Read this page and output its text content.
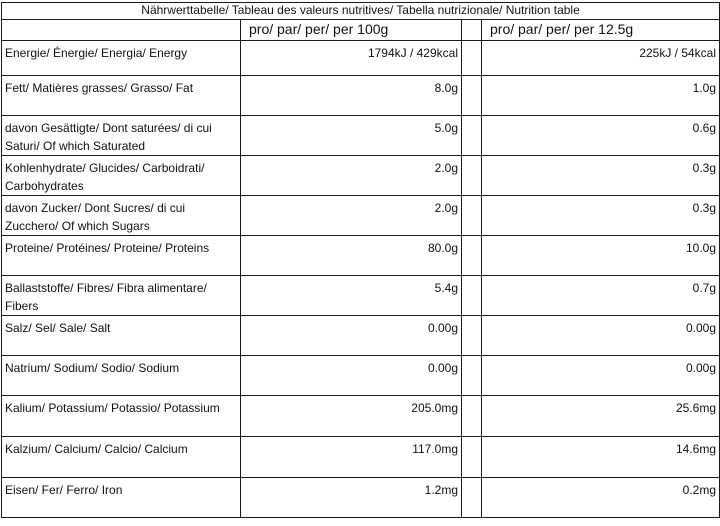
Nährwerttabelle/ Tableau des valeurs nutritives/ Tabella nutrizionale/ Nutrition table			
	pro/ par/ per/ per 100g		pro/ par/ per/ per 12.5g
Energie/ Énergie/ Energia/ Energy	1794kJ / 429kcal		225kJ / 54kcal
Fett/ Matières grasses/ Grasso/ Fat	8.0g		1.0g
davon Gesättigte/ Dont saturées/ di cui Saturi/ Of which Saturated	5.0g		0.6g
Kohlenhydrate/ Glucides/ Carboidrati/ Carbohydrates	2.0g		0.3g
davon Zucker/ Dont Sucres/ di cui Zucchero/ Of which Sugars	2.0g		0.3g
Proteine/ Protéines/ Proteine/ Proteins	80.0g		10.0g
Ballaststoffe/ Fibres/ Fibra alimentare/ Fibers	5.4g		0.7g
Salz/ Sel/ Sale/ Salt	0.00g		0.00g
Natrium/ Sodium/ Sodio/ Sodium	0.00g		0.00g
Kalium/ Potassium/ Potassio/ Potassium	205.0mg		25.6mg
Kalzium/ Calcium/ Calcio/ Calcium	117.0mg		14.6mg
Eisen/ Fer/ Ferro/ Iron	1.2mg		0.2mg
